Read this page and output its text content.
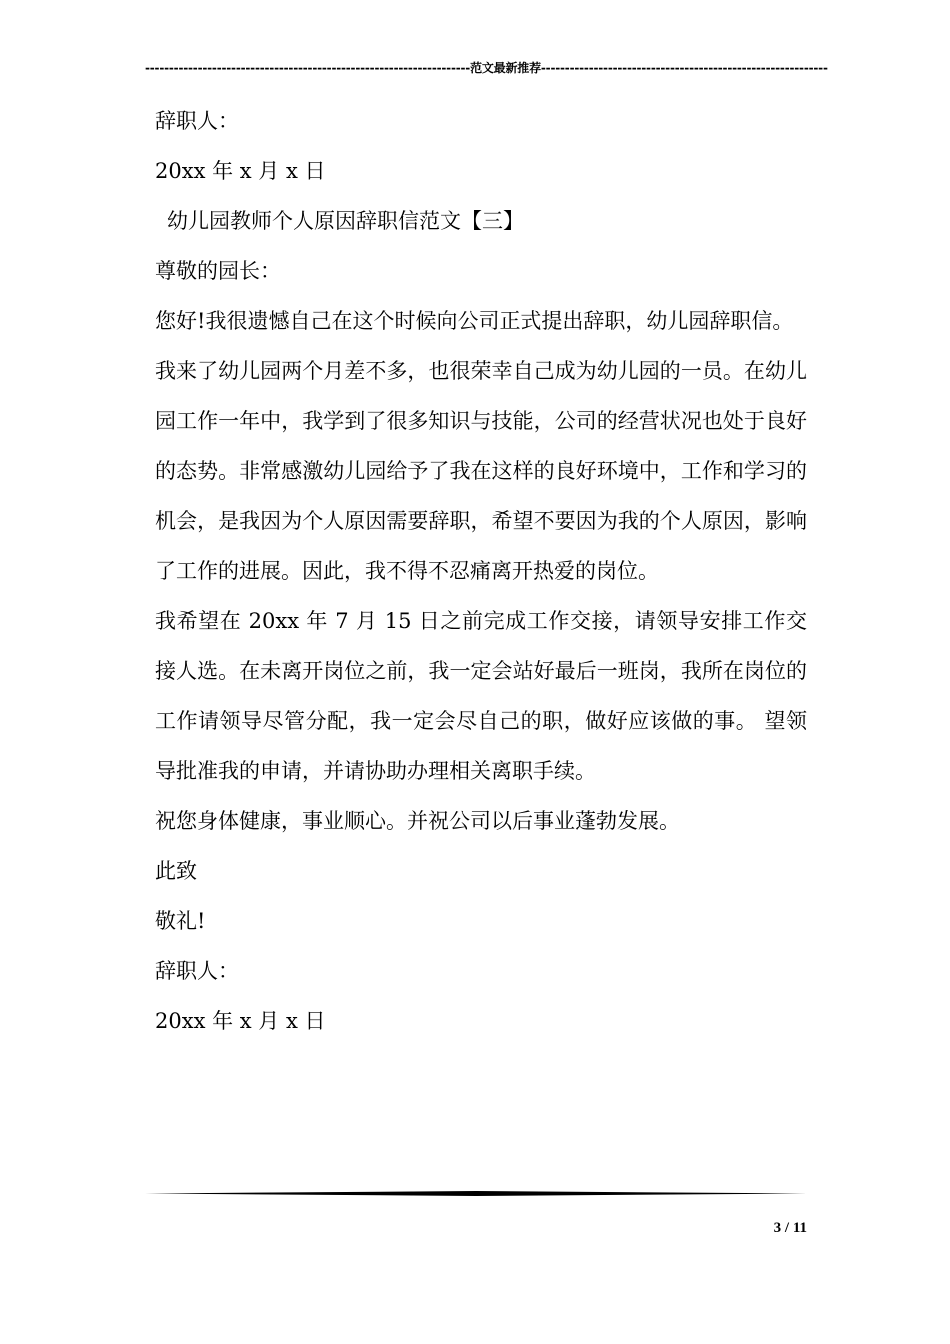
--------------------------------------------------------------------范文最新推荐------------------------------------------------------------

辞职人：

20xx 年 x 月 x 日

幼儿园教师个人原因辞职信范文【三】

尊敬的园长：

您好!我很遗憾自己在这个时候向公司正式提出辞职，幼儿园辞职信。

我来了幼儿园两个月差不多，也很荣幸自己成为幼儿园的一员。在幼儿园工作一年中，我学到了很多知识与技能，公司的经营状况也处于良好的态势。非常感激幼儿园给予了我在这样的良好环境中，工作和学习的机会，是我因为个人原因需要辞职，希望不要因为我的个人原因，影响了工作的进展。因此，我不得不忍痛离开热爱的岗位。

我希望在 20xx 年 7 月 15 日之前完成工作交接，请领导安排工作交接人选。在未离开岗位之前，我一定会站好最后一班岗，我所在岗位的工作请领导尽管分配，我一定会尽自己的职，做好应该做的事。 望领导批准我的申请，并请协助办理相关离职手续。

祝您身体健康，事业顺心。并祝公司以后事业蓬勃发展。

此致

敬礼!

辞职人：

20xx 年 x 月 x 日

3 / 11
